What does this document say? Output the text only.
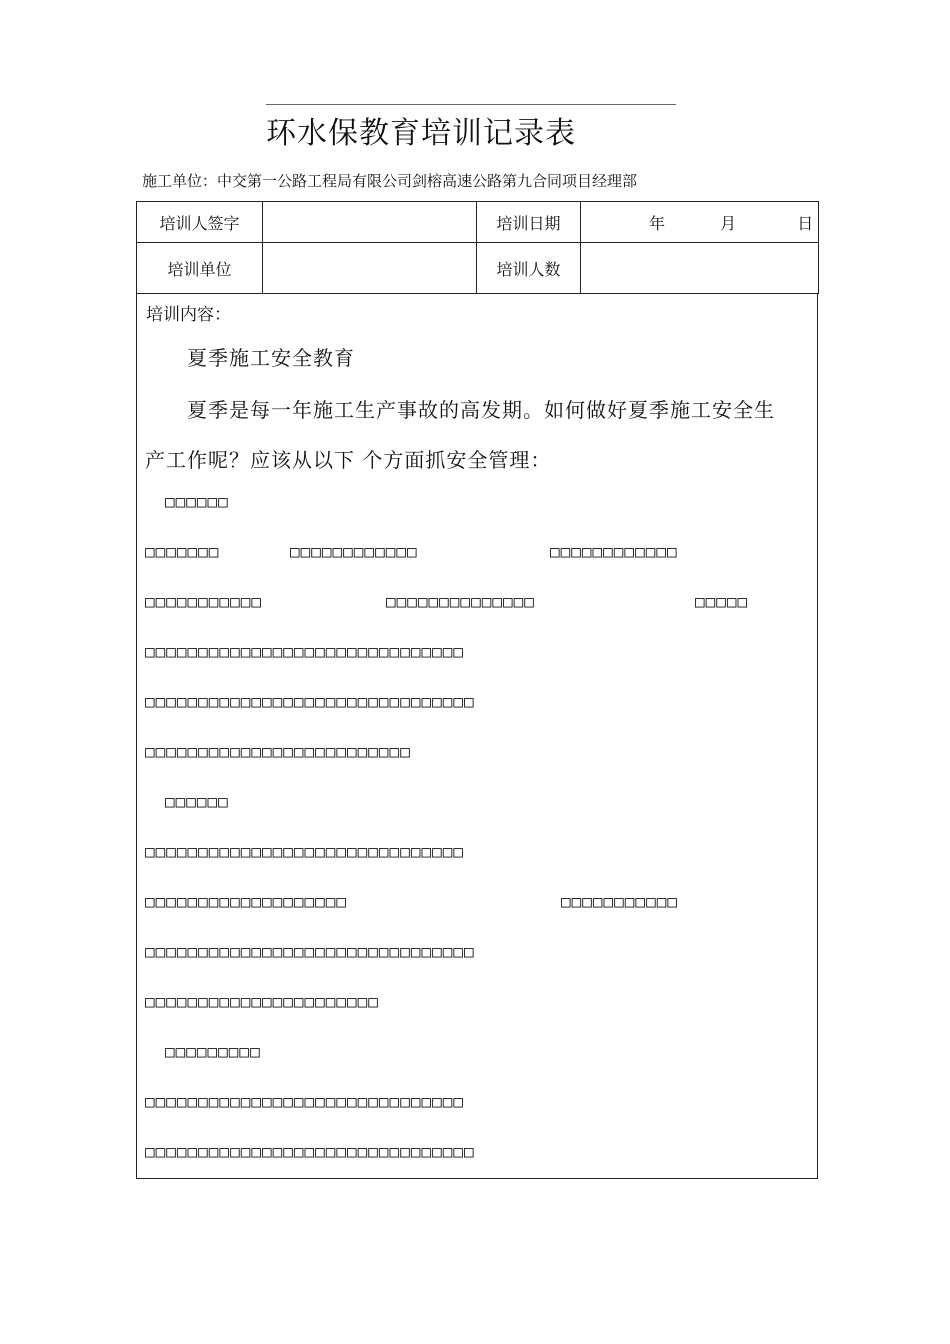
环水保教育培训记录表
施工单位：中交第一公路工程局有限公司剑榕高速公路第九合同项目经理部
培训人签字		培训日期	年 月 日
培训单位		培训人数	
培训内容：
夏季施工安全教育
夏季是每一年施工生产事故的高发期。如何做好夏季施工安全生
产工作呢？应该从以下 个方面抓安全管理：
□□□□□□
□□□□□□□	□□□□□□□□□□□□	□□□□□□□□□□□□
□□□□□□□□□□□	□□□□□□□□□□□□□□	□□□□□
□□□□□□□□□□□□□□□□□□□□□□□□□□□□□□
□□□□□□□□□□□□□□□□□□□□□□□□□□□□□□□
□□□□□□□□□□□□□□□□□□□□□□□□□
□□□□□□
□□□□□□□□□□□□□□□□□□□□□□□□□□□□□□
□□□□□□□□□□□□□□□□□□□	□□□□□□□□□□□
□□□□□□□□□□□□□□□□□□□□□□□□□□□□□□□
□□□□□□□□□□□□□□□□□□□□□□
□□□□□□□□□
□□□□□□□□□□□□□□□□□□□□□□□□□□□□□□
□□□□□□□□□□□□□□□□□□□□□□□□□□□□□□□
